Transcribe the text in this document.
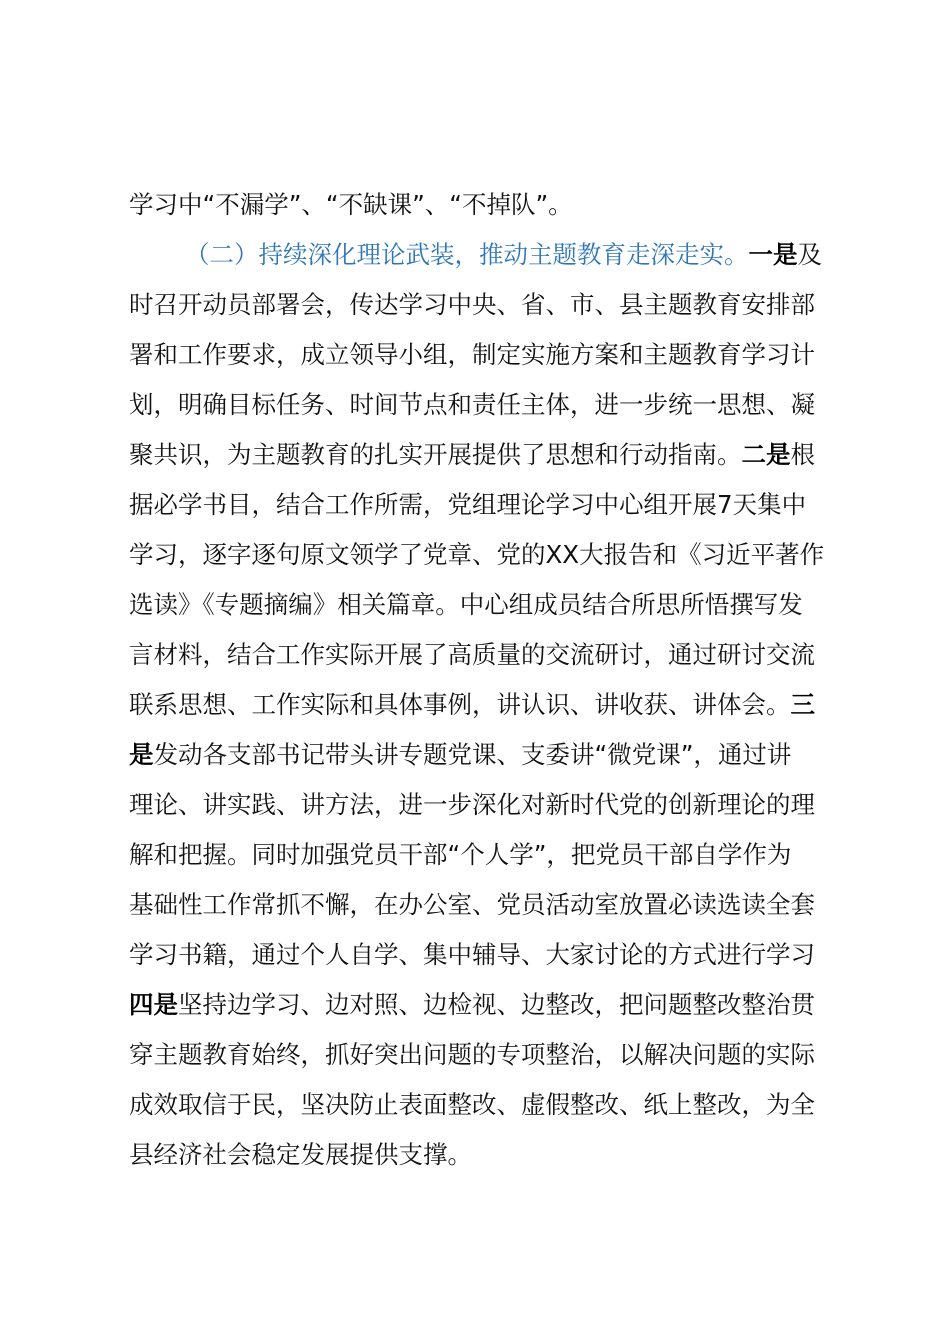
学习中“不漏学”、“不缺课”、“不掉队”。
（二）持续深化理论武装，推动主题教育走深走实。一是及
时召开动员部署会，传达学习中央、省、市、县主题教育安排部
署和工作要求，成立领导小组，制定实施方案和主题教育学习计
划，明确目标任务、时间节点和责任主体，进一步统一思想、凝
聚共识，为主题教育的扎实开展提供了思想和行动指南。二是根
据必学书目，结合工作所需，党组理论学习中心组开展7天集中
学习，逐字逐句原文领学了党章、党的XX大报告和《习近平著作
选读》《专题摘编》相关篇章。中心组成员结合所思所悟撰写发
言材料，结合工作实际开展了高质量的交流研讨，通过研讨交流
联系思想、工作实际和具体事例，讲认识、讲收获、讲体会。三
是发动各支部书记带头讲专题党课、支委讲“微党课”，通过讲
理论、讲实践、讲方法，进一步深化对新时代党的创新理论的理
解和把握。同时加强党员干部“个人学”，把党员干部自学作为
基础性工作常抓不懈，在办公室、党员活动室放置必读选读全套
学习书籍，通过个人自学、集中辅导、大家讨论的方式进行学习
四是坚持边学习、边对照、边检视、边整改，把问题整改整治贯
穿主题教育始终，抓好突出问题的专项整治，以解决问题的实际
成效取信于民，坚决防止表面整改、虚假整改、纸上整改，为全
县经济社会稳定发展提供支撑。
